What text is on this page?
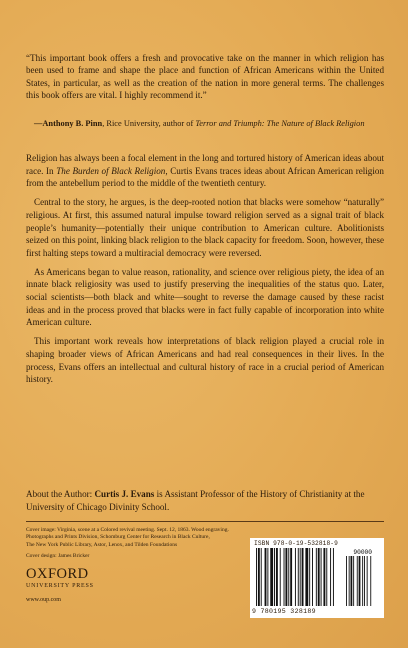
“This important book offers a fresh and provocative take on the manner in which religion has been used to frame and shape the place and function of African Americans within the United States, in particular, as well as the creation of the nation in more general terms. The challenges this book offers are vital. I highly recommend it.”

—Anthony B. Pinn, Rice University, author of Terror and Triumph: The Nature of Black Religion

Religion has always been a focal element in the long and tortured history of American ideas about race. In The Burden of Black Religion, Curtis Evans traces ideas about African American religion from the antebellum period to the middle of the twentieth century.

Central to the story, he argues, is the deep-rooted notion that blacks were somehow “naturally” religious. At first, this assumed natural impulse toward religion served as a signal trait of black people’s humanity—potentially their unique contribution to American culture. Abolitionists seized on this point, linking black religion to the black capacity for freedom. Soon, however, these first halting steps toward a multiracial democracy were reversed.

As Americans began to value reason, rationality, and science over religious piety, the idea of an innate black religiosity was used to justify preserving the inequalities of the status quo. Later, social scientists—both black and white—sought to reverse the damage caused by these racist ideas and in the process proved that blacks were in fact fully capable of incorporation into white American culture.

This important work reveals how interpretations of black religion played a crucial role in shaping broader views of African Americans and had real consequences in their lives. In the process, Evans offers an intellectual and cultural history of race in a crucial period of American history.

About the Author: Curtis J. Evans is Assistant Professor of the History of Christianity at the University of Chicago Divinity School.
Cover image: Virginia, scene at a Colored revival meeting. Sept. 12, 1863. Wood engraving.
Photographs and Prints Division, Schomburg Center for Research in Black Culture,
The New York Public Library, Astor, Lenox, and Tilden Foundations
Cover design: James Bricker
OXFORD
UNIVERSITY PRESS
www.oup.com
ISBN 978-0-19-532818-9
90000
9 780195 328189
